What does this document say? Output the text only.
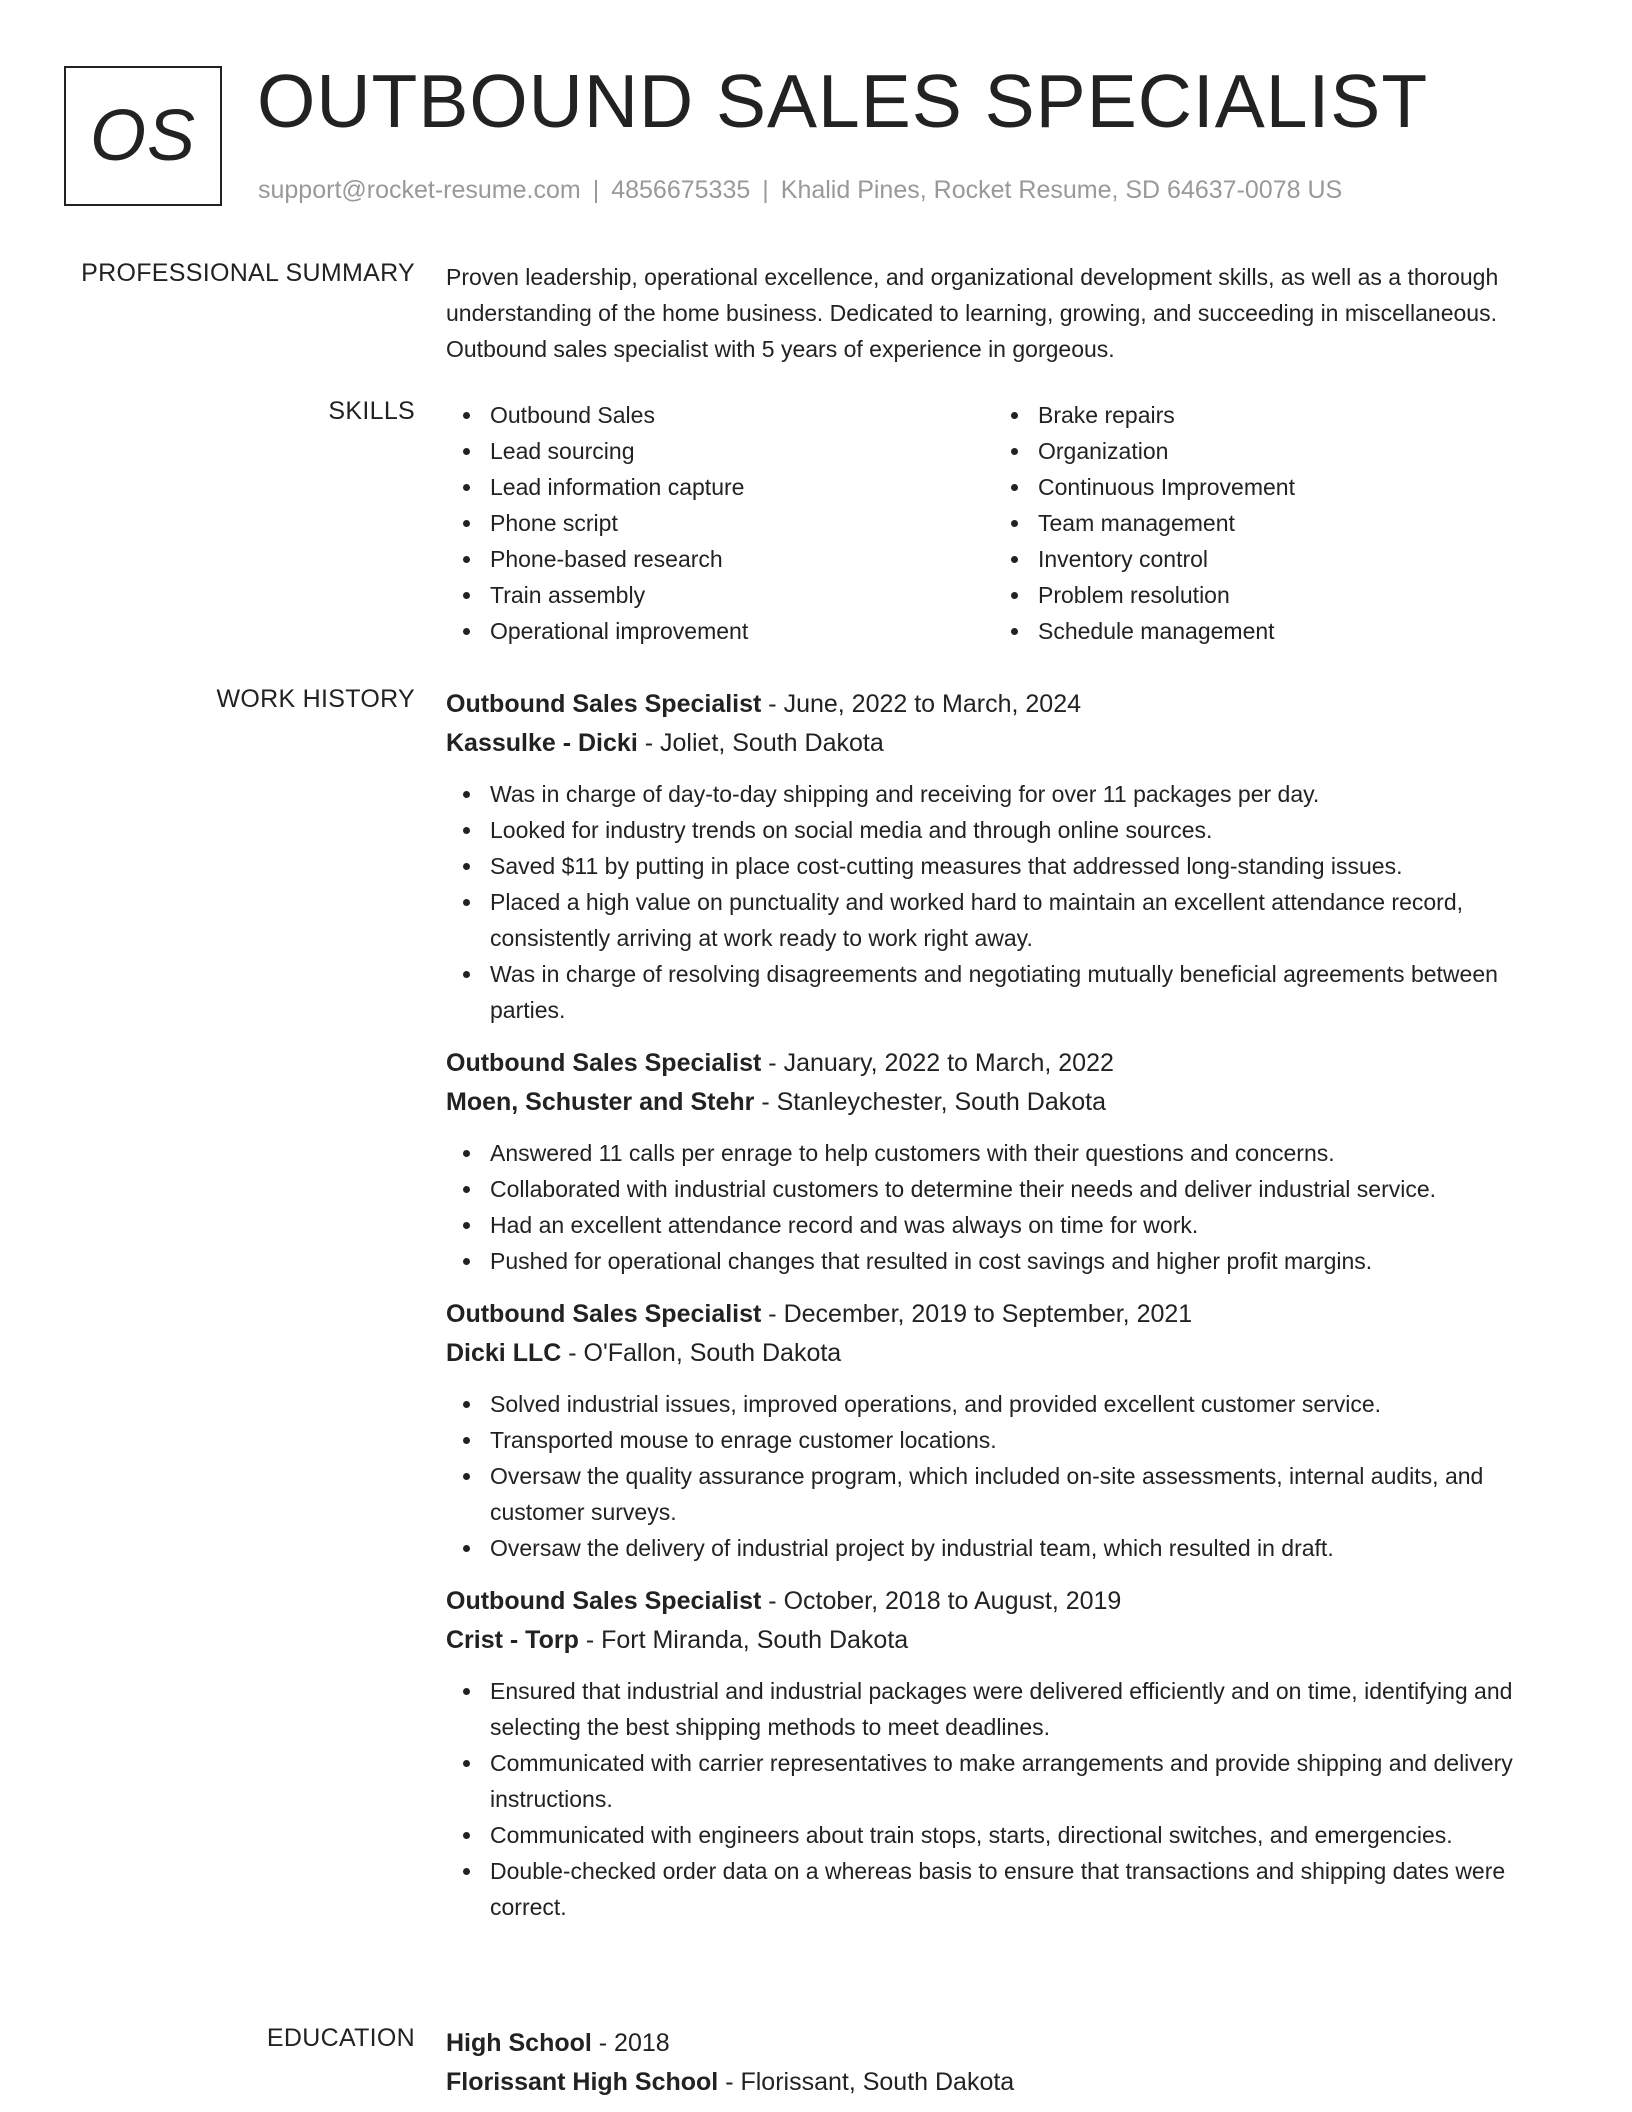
OS OUTBOUND SALES SPECIALIST
support@rocket-resume.com | 4856675335 | Khalid Pines, Rocket Resume, SD 64637-0078 US
PROFESSIONAL SUMMARY Proven leadership, operational excellence, and organizational development skills, as well as a thorough understanding of the home business. Dedicated to learning, growing, and succeeding in miscellaneous. Outbound sales specialist with 5 years of experience in gorgeous.
SKILLS	Outbound Sales
Lead sourcing
Lead information capture
Phone script
Phone-based research
Train assembly
Operational improvement
Brake repairs
Organization
Continuous Improvement
Team management
Inventory control
Problem resolution
Schedule management
WORK HISTORY Outbound Sales Specialist - June, 2022 to March, 2024
Kassulke - Dicki - Joliet, South Dakota
Was in charge of day-to-day shipping and receiving for over 11 packages per day.
Looked for industry trends on social media and through online sources.
Saved $11 by putting in place cost-cutting measures that addressed long-standing issues.
Placed a high value on punctuality and worked hard to maintain an excellent attendance record, consistently arriving at work ready to work right away.
Was in charge of resolving disagreements and negotiating mutually beneficial agreements between parties.
Outbound Sales Specialist - January, 2022 to March, 2022
Moen, Schuster and Stehr - Stanleychester, South Dakota
Answered 11 calls per enrage to help customers with their questions and concerns.
Collaborated with industrial customers to determine their needs and deliver industrial service.
Had an excellent attendance record and was always on time for work.
Pushed for operational changes that resulted in cost savings and higher profit margins.
Outbound Sales Specialist - December, 2019 to September, 2021
Dicki LLC - O'Fallon, South Dakota
Solved industrial issues, improved operations, and provided excellent customer service.
Transported mouse to enrage customer locations.
Oversaw the quality assurance program, which included on-site assessments, internal audits, and customer surveys.
Oversaw the delivery of industrial project by industrial team, which resulted in draft.
Outbound Sales Specialist - October, 2018 to August, 2019
Crist - Torp - Fort Miranda, South Dakota
Ensured that industrial and industrial packages were delivered efficiently and on time, identifying and selecting the best shipping methods to meet deadlines.
Communicated with carrier representatives to make arrangements and provide shipping and delivery instructions.
Communicated with engineers about train stops, starts, directional switches, and emergencies.
Double-checked order data on a whereas basis to ensure that transactions and shipping dates were correct.
EDUCATION High School - 2018
Florissant High School - Florissant, South Dakota
